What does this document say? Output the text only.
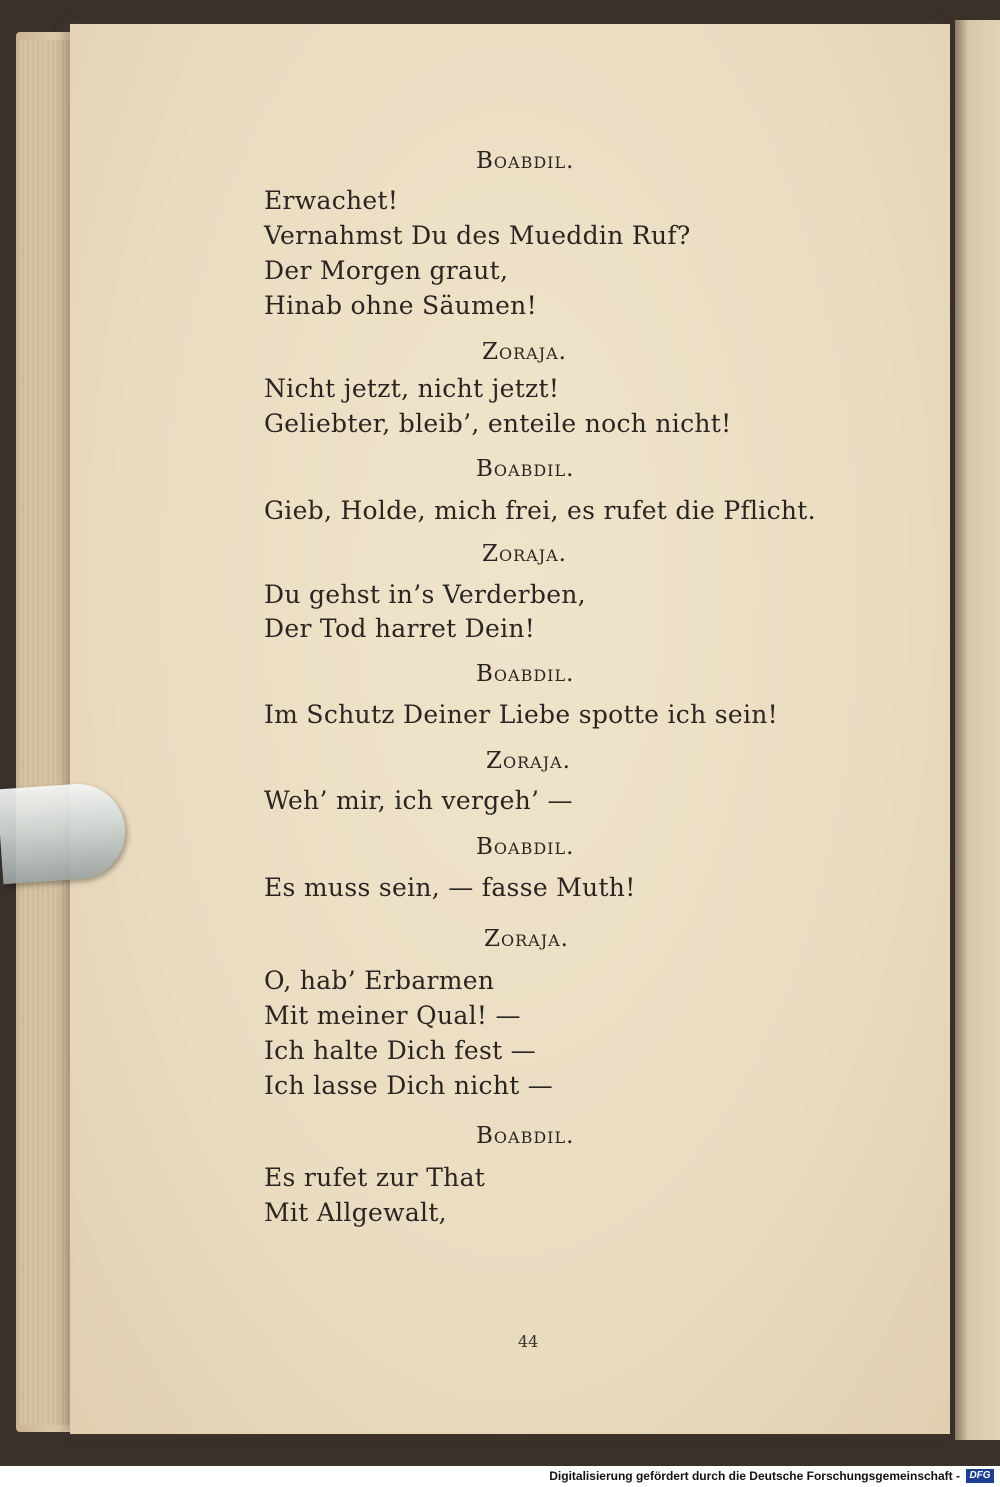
Boabdil.
Erwachet!
Vernahmst Du des Mueddin Ruf?
Der Morgen graut,
Hinab ohne Säumen!
Zoraja.
Nicht jetzt, nicht jetzt!
Geliebter, bleib’, enteile noch nicht!
Boabdil.
Gieb, Holde, mich frei, es rufet die Pflicht.
Zoraja.
Du gehst in’s Verderben,
Der Tod harret Dein!
Boabdil.
Im Schutz Deiner Liebe spotte ich sein!
Zoraja.
Weh’ mir, ich vergeh’ —
Boabdil.
Es muss sein, — fasse Muth!
Zoraja.
O, hab’ Erbarmen
Mit meiner Qual! —
Ich halte Dich fest —
Ich lasse Dich nicht —
Boabdil.
Es rufet zur That
Mit Allgewalt,
44
Digitalisierung gefördert durch die Deutsche Forschungsgemeinschaft - DFG
